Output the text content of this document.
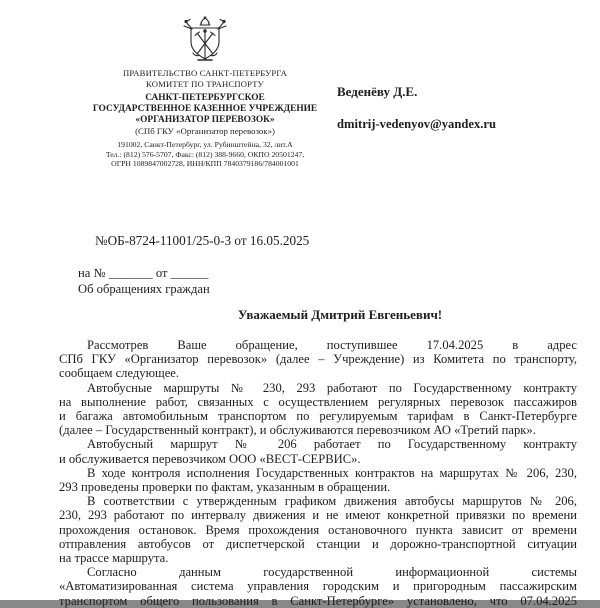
ПРАВИТЕЛЬСТВО САНКТ-ПЕТЕРБУРГА
КОМИТЕТ ПО ТРАНСПОРТУ
САНКТ-ПЕТЕРБУРГСКОЕ
ГОСУДАРСТВЕННОЕ КАЗЕННОЕ УЧРЕЖДЕНИЕ
«ОРГАНИЗАТОР ПЕРЕВОЗОК»
(СПб ГКУ «Организатор перевозок»)
191002, Санкт-Петербург, ул. Рубинштейна, 32, лит.А
Тел.: (812) 576-5707, Факс: (812) 388-9660, ОКПО 20501247,
ОГРН 1089847002728, ИНН/КПП 7840379186/784001001
Веденёву Д.Е.
dmitrij-vedenyov@yandex.ru
№ОБ-8724-11001/25-0-3 от 16.05.2025
на № _______ от ______
Об обращениях граждан
Уважаемый Дмитрий Евгеньевич!

Рассмотрев Ваше обращение, поступившее 17.04.2025 в адрес
СПб ГКУ «Организатор перевозок» (далее – Учреждение) из Комитета по транспорту,
сообщаем следующее.

Автобусные маршруты № 230, 293 работают по Государственному контракту
на выполнение работ, связанных с осуществлением регулярных перевозок пассажиров
и багажа автомобильным транспортом по регулируемым тарифам в Санкт-Петербурге
(далее – Государственный контракт), и обслуживаются перевозчиком АО «Третий парк».

Автобусный маршрут № 206 работает по Государственному контракту
и обслуживается перевозчиком ООО «ВЕСТ-СЕРВИС».

В ходе контроля исполнения Государственных контрактов на маршрутах № 206, 230,
293 проведены проверки по фактам, указанным в обращении.

В соответствии с утвержденным графиком движения автобусы маршрутов № 206,
230, 293 работают по интервалу движения и не имеют конкретной привязки по времени
прохождения остановок. Время прохождения остановочного пункта зависит от времени
отправления автобусов от диспетчерской станции и дорожно-транспортной ситуации
на трассе маршрута.

Согласно данным государственной информационной системы
«Автоматизированная система управления городским и пригородным пассажирским
транспортом общего пользования в Санкт-Петербурге» установлено, что 07.04.2025
